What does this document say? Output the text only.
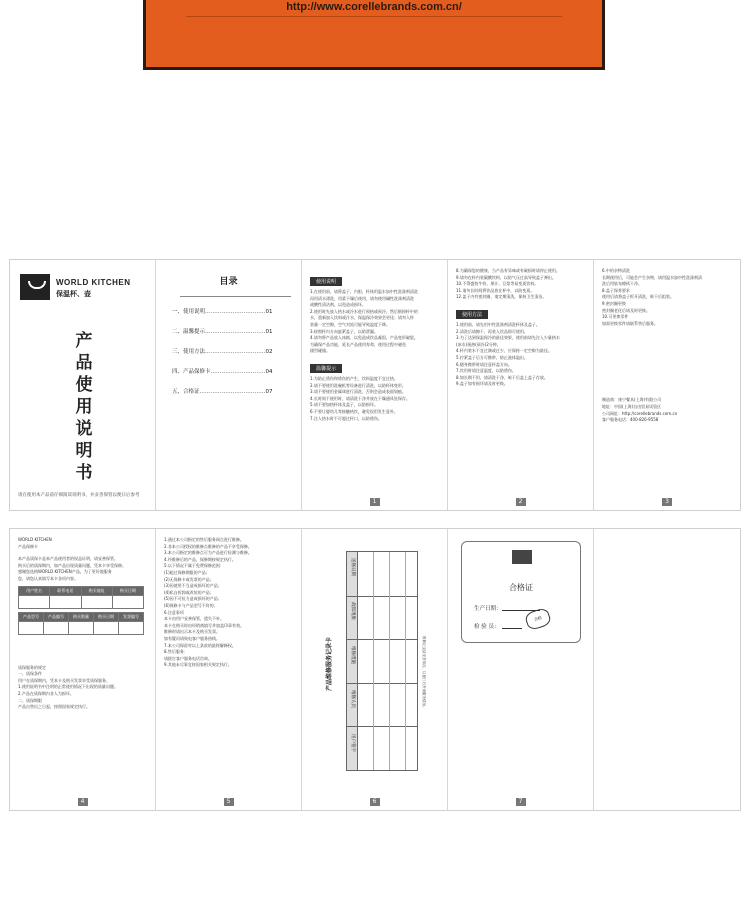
http://www.corellebrands.com.cn/
WORLD KITCHEN
保温杯、壶
产
品
使
用
说
明
书
请在使用本产品前仔细阅读说明书，并妥善保管以便日后参考
目录
一、使用说明……………………………01
二、温馨提示……………………………01
三、使用方法……………………………02
四、产品保修卡…………………………04
五、合格证………………………………07
使用说明
1.在使用前，请将盖子、内胆、杯体用温水加中性洗涤剂清洗
再用清水漂洗，用柔干燥后使用，请勿使用碱性洗涤剂清洗
或酸性清洁剂，以免造成损坏。
2.使用时先放入热水或冷水进行预热或预冷，然后倒掉杯中的
水，重新加入饮料或汁水，保温保冷效果会更佳；请勿入杯
装量一定空隙，空气对流可能导致温度下降。
3.按照杯内方向旋紧盖子，以防泄漏。
4.请勿将产品放入冰箱，以免造成饮品凝固，产品变形破裂。
为确保产品功能，延长产品使用寿命，使用过程中避免
剧烈碰撞。
温馨提示
1.为防止烫伤和烫伤的产生，饮料温度不宜过热。
2.请不要使用洗碗机等设备进行清洗，以防杯体变形。
3.请不要使用金属球进行清洗，否则会造成表面划痕。
4.长时间不使用时，请清洗干净并放在干燥通风处保存。
5.请不要加热杯体及盖子，以防损坏。
6.不要让婴幼儿等接触热饮，避免误用发生意外。
7.注入热水时不可超过杯口，以防烫伤。
1
8.为确保您的健康，当产品有异味或有破损时请停止使用。
9.请勿在杯内装碳酸饮料，以防气压过高导致盖子弹出。
10.不得盛装牛奶、果汁、豆浆等易变质饮料。
11.请勿长时间将饮品放在杯中，以防变质。
12.盖子内有密封圈，请定期清洗，保持卫生清洁。
使用方法
1.使用前，请先用中性洗涤剂清洗杯体及盖子。
2.清洗后请擦干，再装入饮品即可使用。
3.为了达到保温保冷的最佳效果，使用前请先注入少量热水
(冰水)预热(预冷)2分钟。
4.杯内装水不宜过满或过少，应保持一定空隙为最佳。
5.拧紧盖子后方可携带，防止液体溢出。
6.随身携带时请注意杯盖方向。
7.饮用时请注意温度，以防烫伤。
8.如长期不用，请清洗干净，晾干后盖上盖子存放。
9.盖子如有损坏请及时更换。
2
6.中的杂物清洗
长期使用后，可能会产生杂物，请用温水加中性洗涤剂清
洗后用软布擦拭干净。
8.盖子保养要求
使用后请将盖子拆开清洗，晾干后组装。
9.密封圈更换
密封圈老化后请及时更换。
10.可更换零件
如需更换零件请联系售后服务。
制造商：康宁餐具(上海)有限公司
地址：中国(上海)自由贸易试验区
公司网址：http://corellebrands.com.cn
客户服务电话：400-826-9558
3
WORLD KITCHEN
产品保修卡
本产品质保卡是本产品使用者的权益证明，请妥善保管。
购买后的质保期内，如产品出现质量问题，凭本卡享受保修。
感谢您选购WORLD KITCHEN产品。为了更好地服务
您，请您认真填写本卡各项内容。
用户姓名	联系电话	购买地址	购买日期

产品型号	产品编号	购买数量	购买日期	发票编号

质保服务的规定
一、质保条件
用户在质保期内，凭本卡及购买发票享受质保服务。
1.使用说明书中注明的正常使用情况下出现的质量问题。
2.产品在质保期内非人为损坏。
二、质保期限
产品自售出之日起，按照国家规定执行。
4
1.通过本公司指定的售后服务网点进行维修。
2.非本公司授权的维修点维修的产品不享受保修。
3.本公司指定的维修点可为产品进行检测与维修。
4.经维修后的产品，保修期按规定执行。
5.以下情况不属于免费保修范围：
(1)超过保修期限的产品；
(2)无保修卡或发票的产品；
(3)因使用不当造成损坏的产品；
(4)私自拆卸或改装的产品；
(5)因不可抗力造成损坏的产品；
(6)保修卡与产品型号不符的；
6.注意事项
本卡由用户妥善保管，遗失不补。
本卡在购买时由经销商填写并加盖印章有效。
维修时请出示本卡及购买发票。
如有疑问请致电客户服务热线。
7.本公司保留对以上条款的最终解释权。
8.售后服务：
请拨打客户服务电话咨询。
9.其他未尽事宜按国家相关规定执行。
5
产品维修服务记录卡
送修日期
故障现象
维修措施
维修人员
用户签字
维修记录请妥善保存，以便日后查询服务情况。
6
合格证
生产日期：
检 验 员：
合格
7
